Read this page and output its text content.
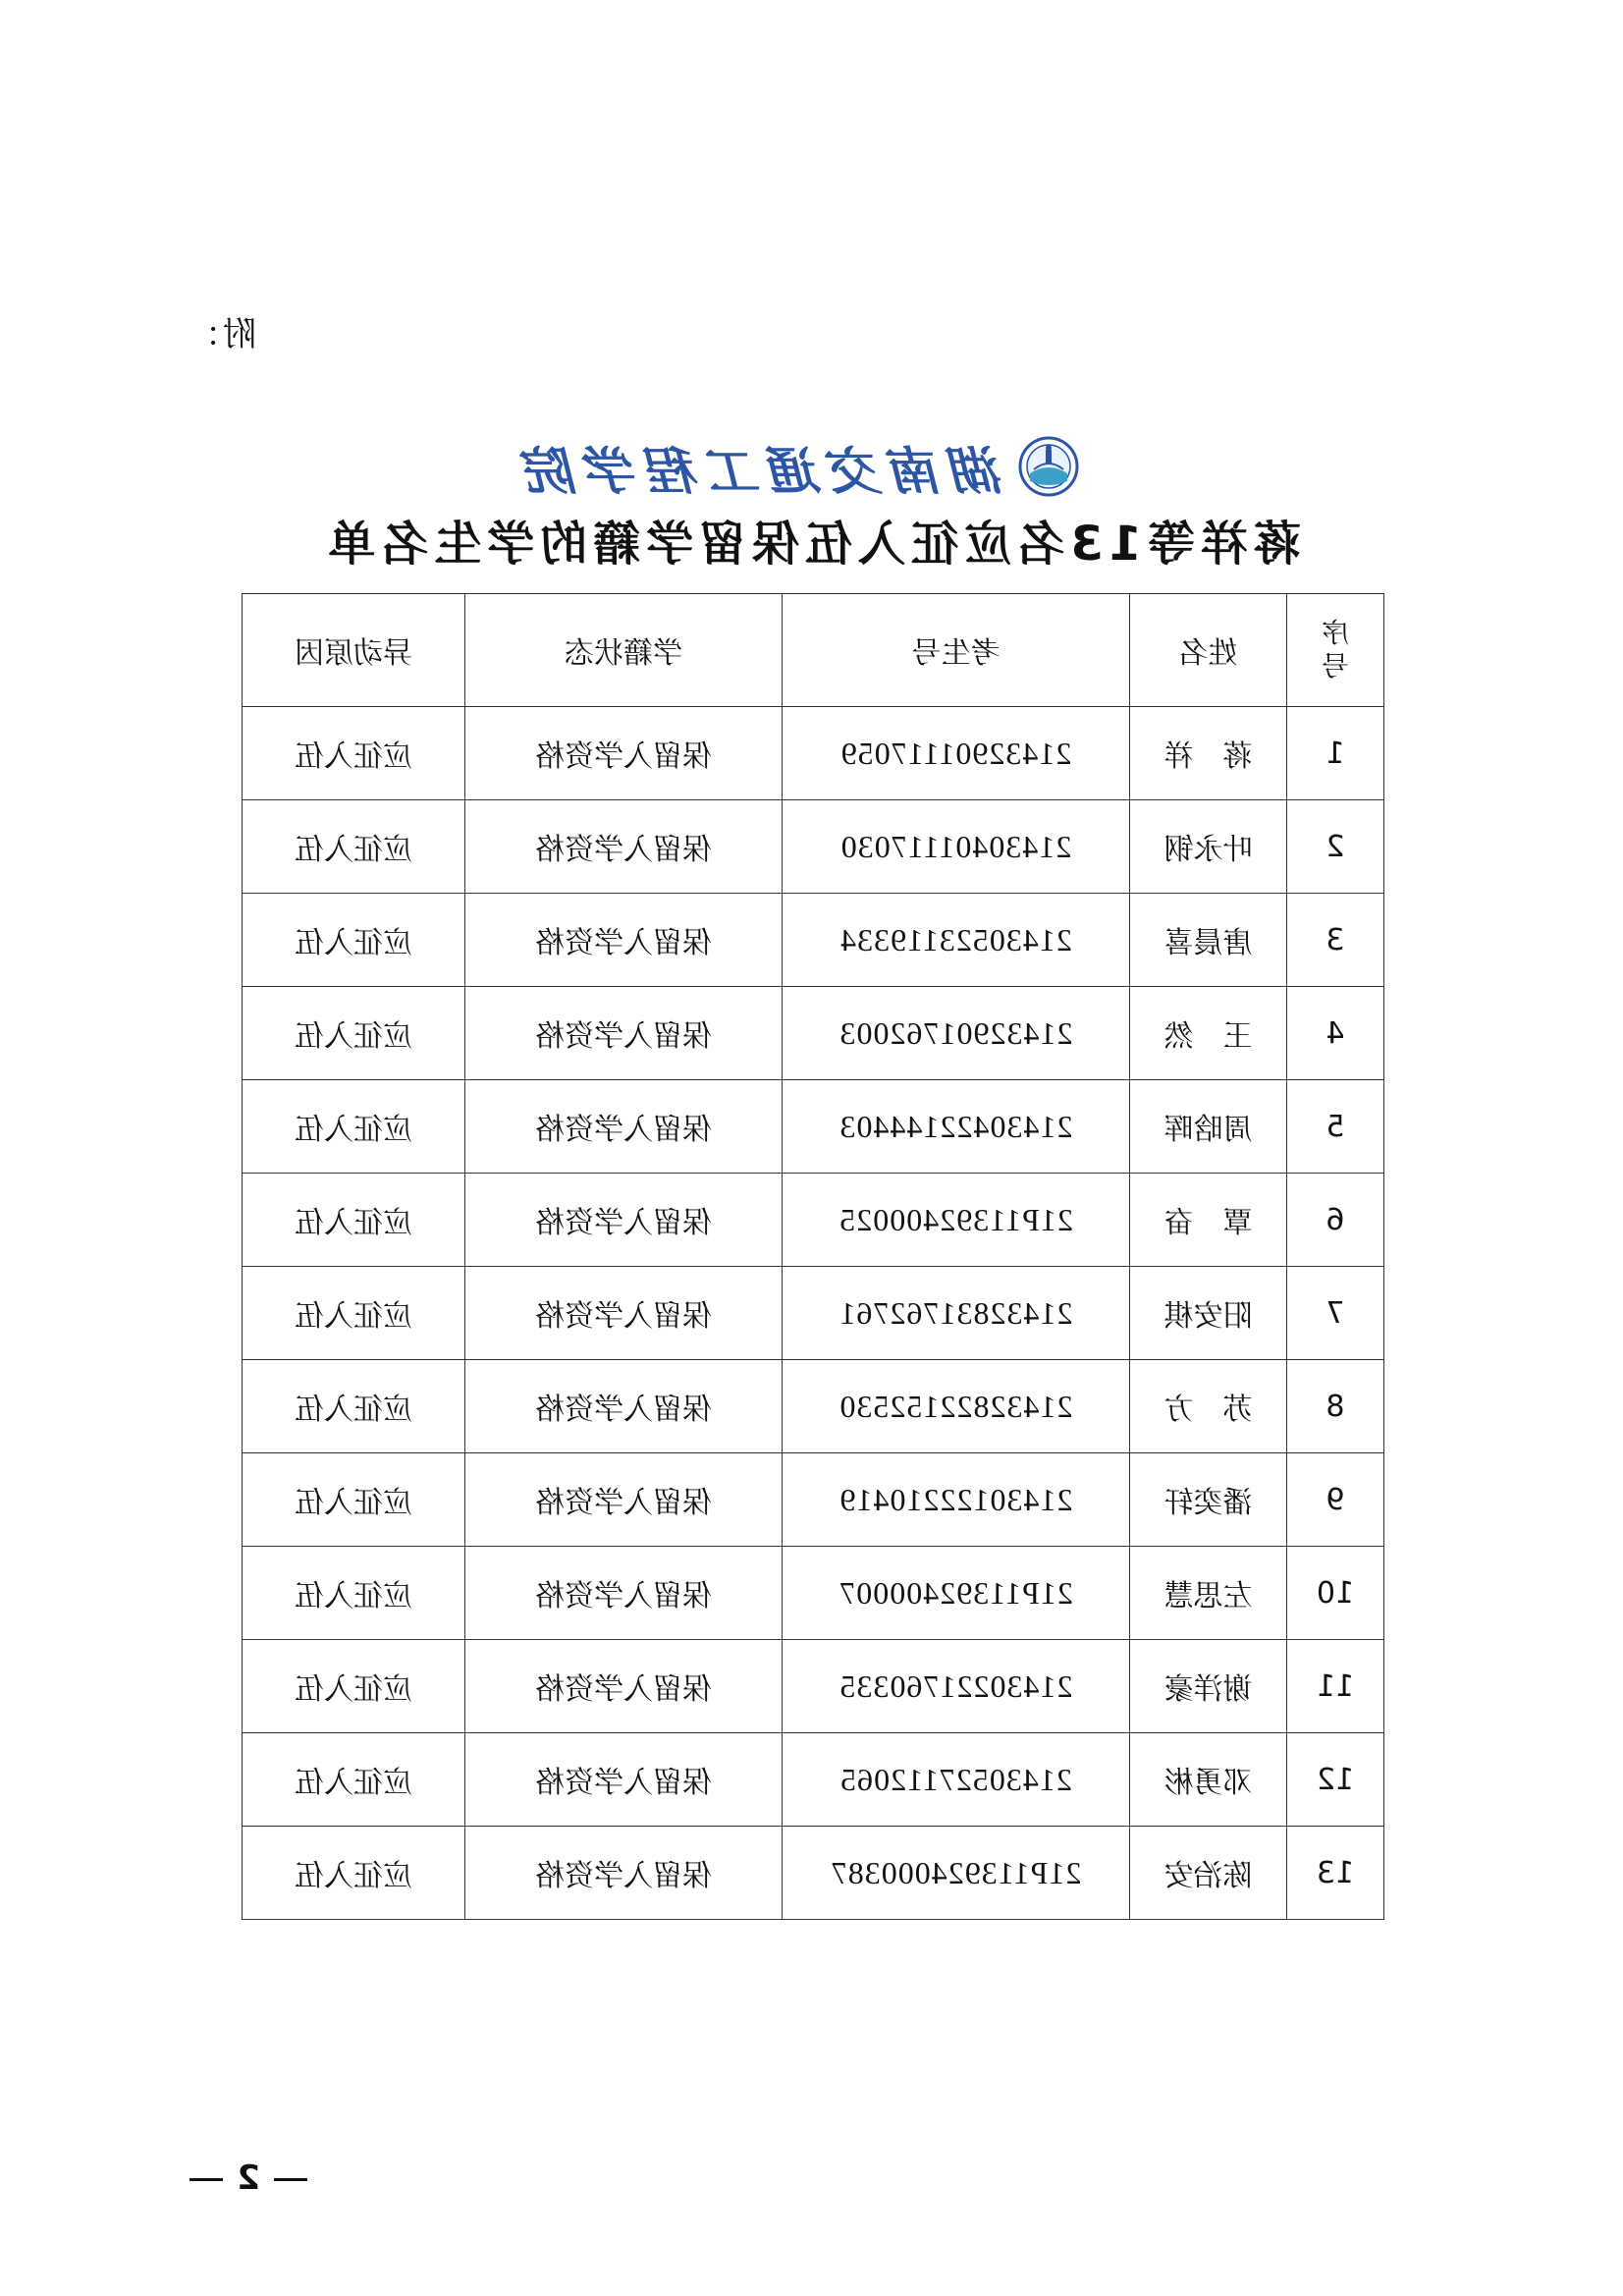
附：
湖南交通工程学院
蒋祥等13名应征入伍保留学籍的学生名单
序号	姓名	考生号	学籍状态	异动原因
1	蒋　祥	21432901117059	保留入学资格	应征入伍
2	叶永钢	21430401117030	保留入学资格	应征入伍
3	唐晨喜	21430523119334	保留入学资格	应征入伍
4	王　然	21432901762003	保留入学资格	应征入伍
5	周晗晖	21430422144403	保留入学资格	应征入伍
6	覃　奋	21P11392400025	保留入学资格	应征入伍
7	阳安棋	21432831762761	保留入学资格	应征入伍
8	苏　方	21432822152530	保留入学资格	应征入伍
9	潘奕轩	21430122210419	保留入学资格	应征入伍
10	左思慧	21P11392400007	保留入学资格	应征入伍
11	谢洋豪	21430221760335	保留入学资格	应征入伍
12	邓勇彬	21430527112065	保留入学资格	应征入伍
13	陈治安	21P113924000387	保留入学资格	应征入伍
2
